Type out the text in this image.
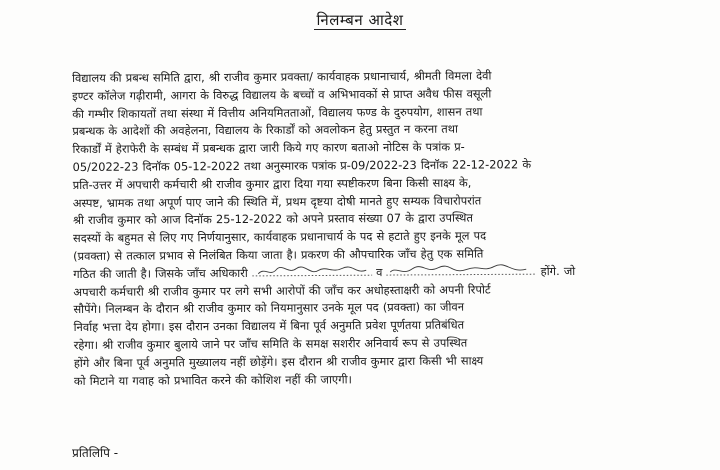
निलम्बन आदेश
विद्यालय की प्रबन्ध समिति द्वारा, श्री राजीव कुमार प्रवक्ता/ कार्यवाहक प्रधानाचार्य, श्रीमती विमला देवी
इण्टर कॉलेज गढ़ीरामी, आगरा के विरुद्ध विद्यालय के बच्चों व अभिभावकों से प्राप्त अवैध फीस वसूली
की गम्भीर शिकायतों तथा संस्था में वित्तीय अनियमितताओं, विद्यालय फण्ड के दुरुपयोग, शासन तथा
प्रबन्धक के आदेशों की अवहेलना, विद्यालय के रिकार्डों को अवलोकन हेतु प्रस्तुत न करना तथा
रिकार्डों में हेराफेरी के सम्बंध में प्रबन्धक द्वारा जारी किये गए कारण बताओ नोटिस के पत्रांक प्र-
05/2022-23 दिनॉक 05-12-2022 तथा अनुस्मारक पत्रांक प्र-09/2022-23 दिनॉक 22-12-2022 के
प्रति-उत्तर में अपचारी कर्मचारी श्री राजीव कुमार द्वारा दिया गया स्पष्टीकरण बिना किसी साक्ष्य के,
अस्पष्ट, भ्रामक तथा अपूर्ण पाए जाने की स्थिति में, प्रथम दृष्टया दोषी मानते हुए सम्यक विचारोपरांत
श्री राजीव कुमार को आज दिनॉक 25-12-2022 को अपने प्रस्ताव संख्या 07 के द्वारा उपस्थित
सदस्यों के बहुमत से लिए गए निर्णयानुसार, कार्यवाहक प्रधानाचार्य के पद से हटाते हुए इनके मूल पद
(प्रवक्ता) से तत्काल प्रभाव से निलंबित किया जाता है। प्रकरण की औपचारिक जाँच हेतु एक समिति
गठित की जाती है। जिसके जाँच अधिकारी	व	होंगे. जो
अपचारी कर्मचारी श्री राजीव कुमार पर लगे सभी आरोपों की जाँच कर अधोहस्ताक्षरी को अपनी रिपोर्ट
सौपेंगे। निलम्बन के दौरान श्री राजीव कुमार को नियमानुसार उनके मूल पद (प्रवक्ता) का जीवन
निर्वाह भत्ता देय होगा। इस दौरान उनका विद्यालय में बिना पूर्व अनुमति प्रवेश पूर्णतया प्रतिबंधित
रहेगा। श्री राजीव कुमार बुलाये जाने पर जाँच समिति के समक्ष सशरीर अनिवार्य रूप से उपस्थित
होंगे और बिना पूर्व अनुमति मुख्यालय नहीं छोड़ेंगे। इस दौरान श्री राजीव कुमार द्वारा किसी भी साक्ष्य
को मिटाने या गवाह को प्रभावित करने की कोशिश नहीं की जाएगी।
प्रतिलिपि -
